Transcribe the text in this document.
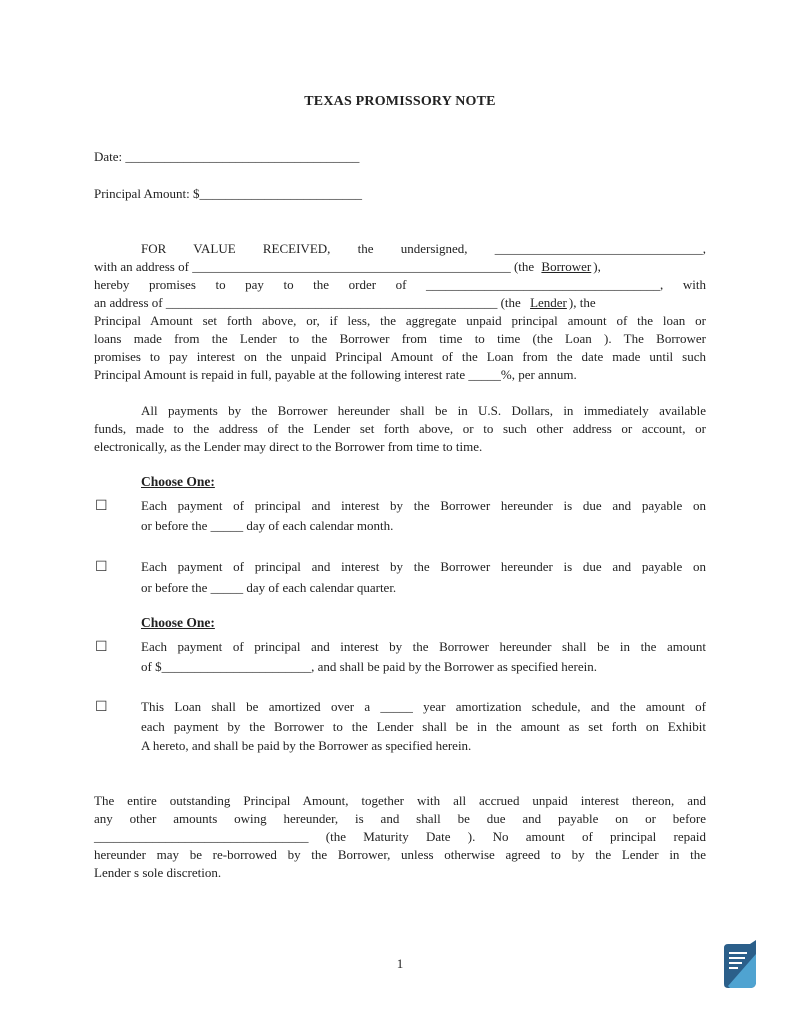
TEXAS PROMISSORY NOTE
Date: ____________________________________
Principal Amount: $_________________________
FOR VALUE RECEIVED, the undersigned, ________________________________,
with an address of _________________________________________________ (the Borrower ),
hereby promises to pay to the order of ____________________________________, with
an address of ___________________________________________________ (the Lender ), the
Principal Amount set forth above, or, if less, the aggregate unpaid principal amount of the loan or
loans made from the Lender to the Borrower from time to time (the Loan ). The Borrower
promises to pay interest on the unpaid Principal Amount of the Loan from the date made until such
Principal Amount is repaid in full, payable at the following interest rate _____%, per annum.
All payments by the Borrower hereunder shall be in U.S. Dollars, in immediately available
funds, made to the address of the Lender set forth above, or to such other address or account, or
electronically, as the Lender may direct to the Borrower from time to time.
Choose One:
☐	Each payment of principal and interest by the Borrower hereunder is due and payable on
or before the _____ day of each calendar month.
☐	Each payment of principal and interest by the Borrower hereunder is due and payable on
or before the _____ day of each calendar quarter.
Choose One:
☐	Each payment of principal and interest by the Borrower hereunder shall be in the amount
of $_______________________, and shall be paid by the Borrower as specified herein.
☐	This Loan shall be amortized over a _____ year amortization schedule, and the amount of
each payment by the Borrower to the Lender shall be in the amount as set forth on Exhibit
A hereto, and shall be paid by the Borrower as specified herein.
The entire outstanding Principal Amount, together with all accrued unpaid interest thereon, and
any other amounts owing hereunder, is and shall be due and payable on or before
_________________________________ (the Maturity Date ). No amount of principal repaid
hereunder may be re-borrowed by the Borrower, unless otherwise agreed to by the Lender in the
Lender s sole discretion.
1
